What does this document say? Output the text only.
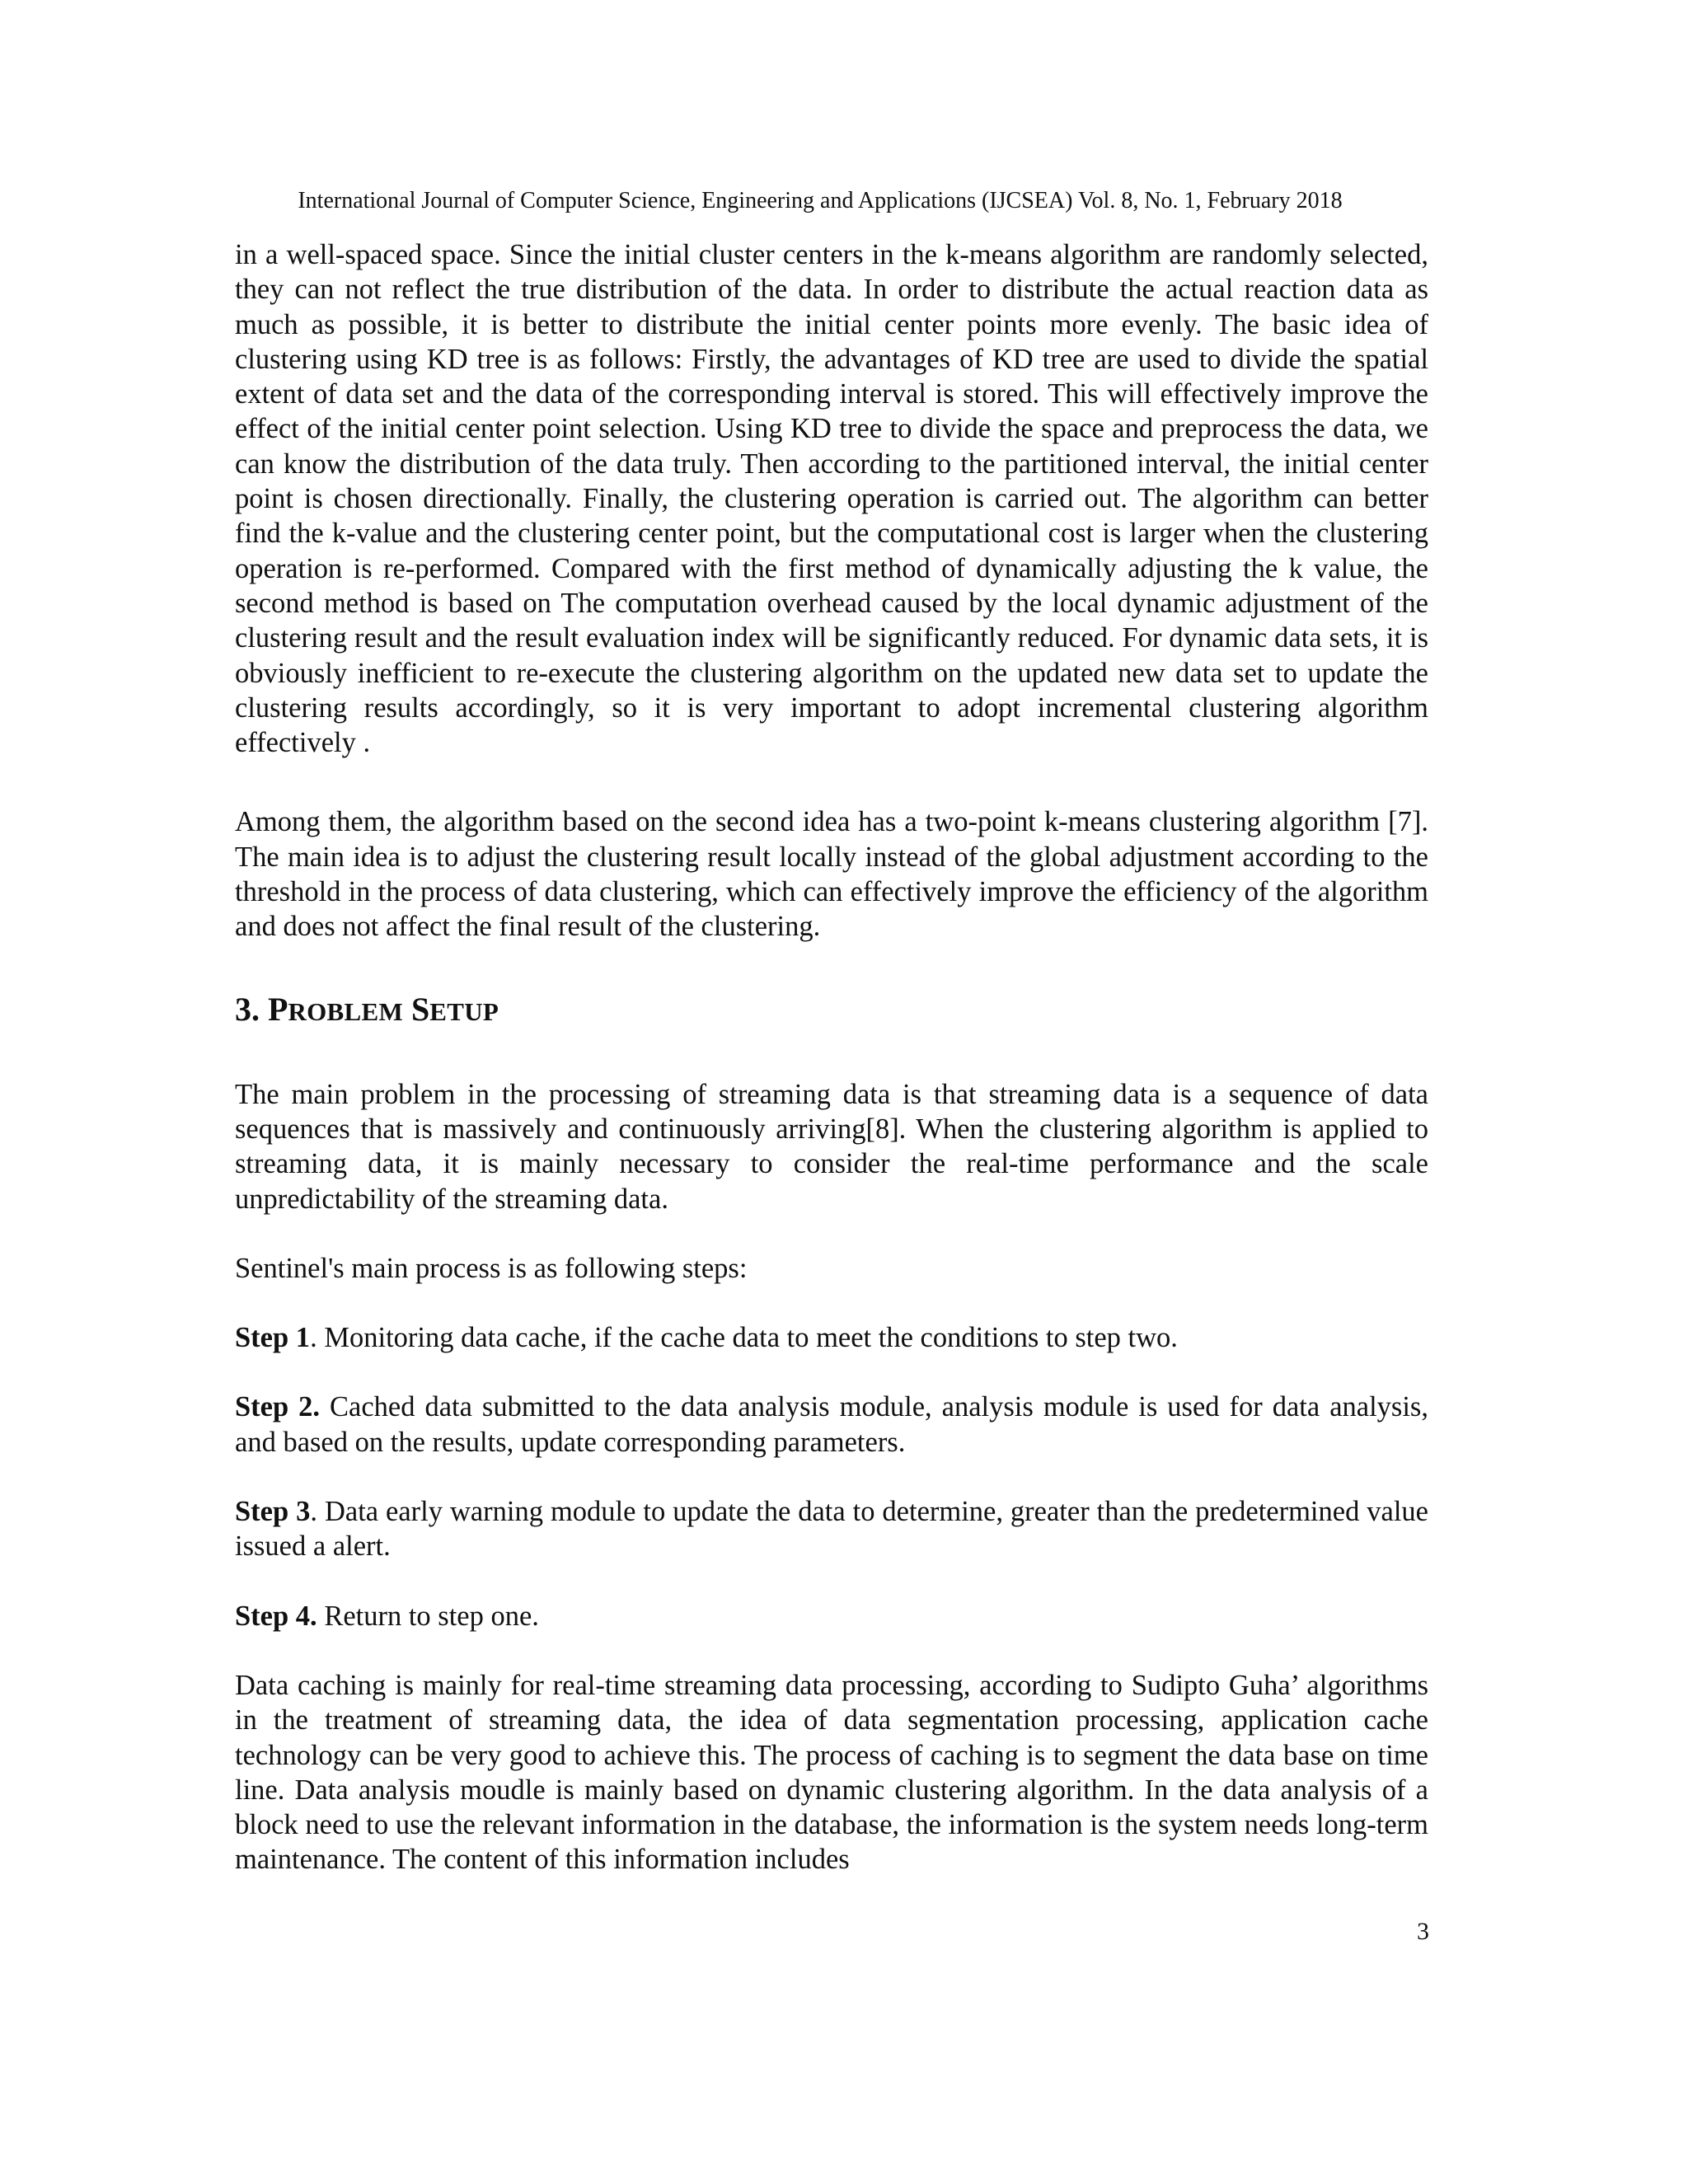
International Journal of Computer Science, Engineering and Applications (IJCSEA) Vol. 8, No. 1, February 2018

in a well-spaced space. Since the initial cluster centers in the k-means algorithm are randomly selected, they can not reflect the true distribution of the data. In order to distribute the actual reaction data as much as possible, it is better to distribute the initial center points more evenly. The basic idea of clustering using KD tree is as follows: Firstly, the advantages of KD tree are used to divide the spatial extent of data set and the data of the corresponding interval is stored. This will effectively improve the effect of the initial center point selection. Using KD tree to divide the space and preprocess the data, we can know the distribution of the data truly. Then according to the partitioned interval, the initial center point is chosen directionally. Finally, the clustering operation is carried out. The algorithm can better find the k-value and the clustering center point, but the computational cost is larger when the clustering operation is re-performed. Compared with the first method of dynamically adjusting the k value, the second method is based on The computation overhead caused by the local dynamic adjustment of the clustering result and the result evaluation index will be significantly reduced. For dynamic data sets, it is obviously inefficient to re-execute the clustering algorithm on the updated new data set to update the clustering results accordingly, so it is very important to adopt incremental clustering algorithm effectively .

Among them, the algorithm based on the second idea has a two-point k-means clustering algorithm [7]. The main idea is to adjust the clustering result locally instead of the global adjustment according to the threshold in the process of data clustering, which can effectively improve the efficiency of the algorithm and does not affect the final result of the clustering.

3. PROBLEM SETUP

The main problem in the processing of streaming data is that streaming data is a sequence of data sequences that is massively and continuously arriving[8]. When the clustering algorithm is applied to streaming data, it is mainly necessary to consider the real-time performance and the scale unpredictability of the streaming data.

Sentinel's main process is as following steps:

Step 1. Monitoring data cache, if the cache data to meet the conditions to step two.

Step 2. Cached data submitted to the data analysis module, analysis module is used for data analysis, and based on the results, update corresponding parameters.

Step 3. Data early warning module to update the data to determine, greater than the predetermined value issued a alert.

Step 4. Return to step one.

Data caching is mainly for real-time streaming data processing, according to Sudipto Guha’ algorithms in the treatment of streaming data, the idea of data segmentation processing, application cache technology can be very good to achieve this. The process of caching is to segment the data base on time line. Data analysis moudle is mainly based on dynamic clustering algorithm. In the data analysis of a block need to use the relevant information in the database, the information is the system needs long-term maintenance. The content of this information includes

3
